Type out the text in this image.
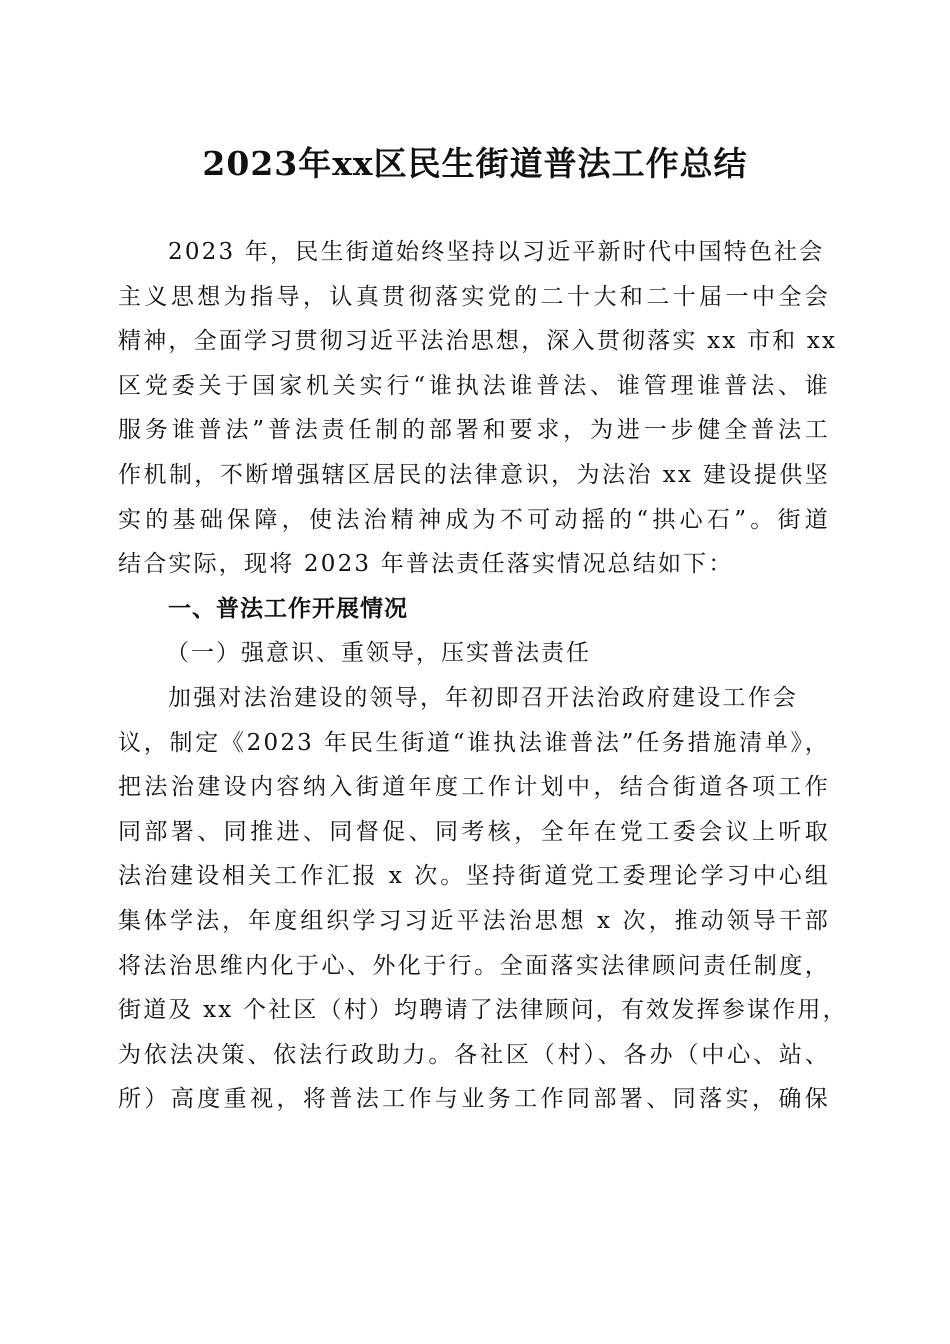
2023年xx区民生街道普法工作总结
2023 年，民生街道始终坚持以习近平新时代中国特色社会
主义思想为指导，认真贯彻落实党的二十大和二十届一中全会
精神，全面学习贯彻习近平法治思想，深入贯彻落实 xx 市和 xx
区党委关于国家机关实行“谁执法谁普法、谁管理谁普法、谁
服务谁普法”普法责任制的部署和要求，为进一步健全普法工
作机制，不断增强辖区居民的法律意识，为法治 xx 建设提供坚
实的基础保障，使法治精神成为不可动摇的“拱心石”。街道
结合实际，现将 2023 年普法责任落实情况总结如下：
一、普法工作开展情况
（一）强意识、重领导，压实普法责任
加强对法治建设的领导，年初即召开法治政府建设工作会
议，制定《2023 年民生街道“谁执法谁普法”任务措施清单》，
把法治建设内容纳入街道年度工作计划中，结合街道各项工作
同部署、同推进、同督促、同考核，全年在党工委会议上听取
法治建设相关工作汇报 x 次。坚持街道党工委理论学习中心组
集体学法，年度组织学习习近平法治思想 x 次，推动领导干部
将法治思维内化于心、外化于行。全面落实法律顾问责任制度，
街道及 xx 个社区（村）均聘请了法律顾问，有效发挥参谋作用，
为依法决策、依法行政助力。各社区（村）、各办（中心、站、
所）高度重视，将普法工作与业务工作同部署、同落实，确保
